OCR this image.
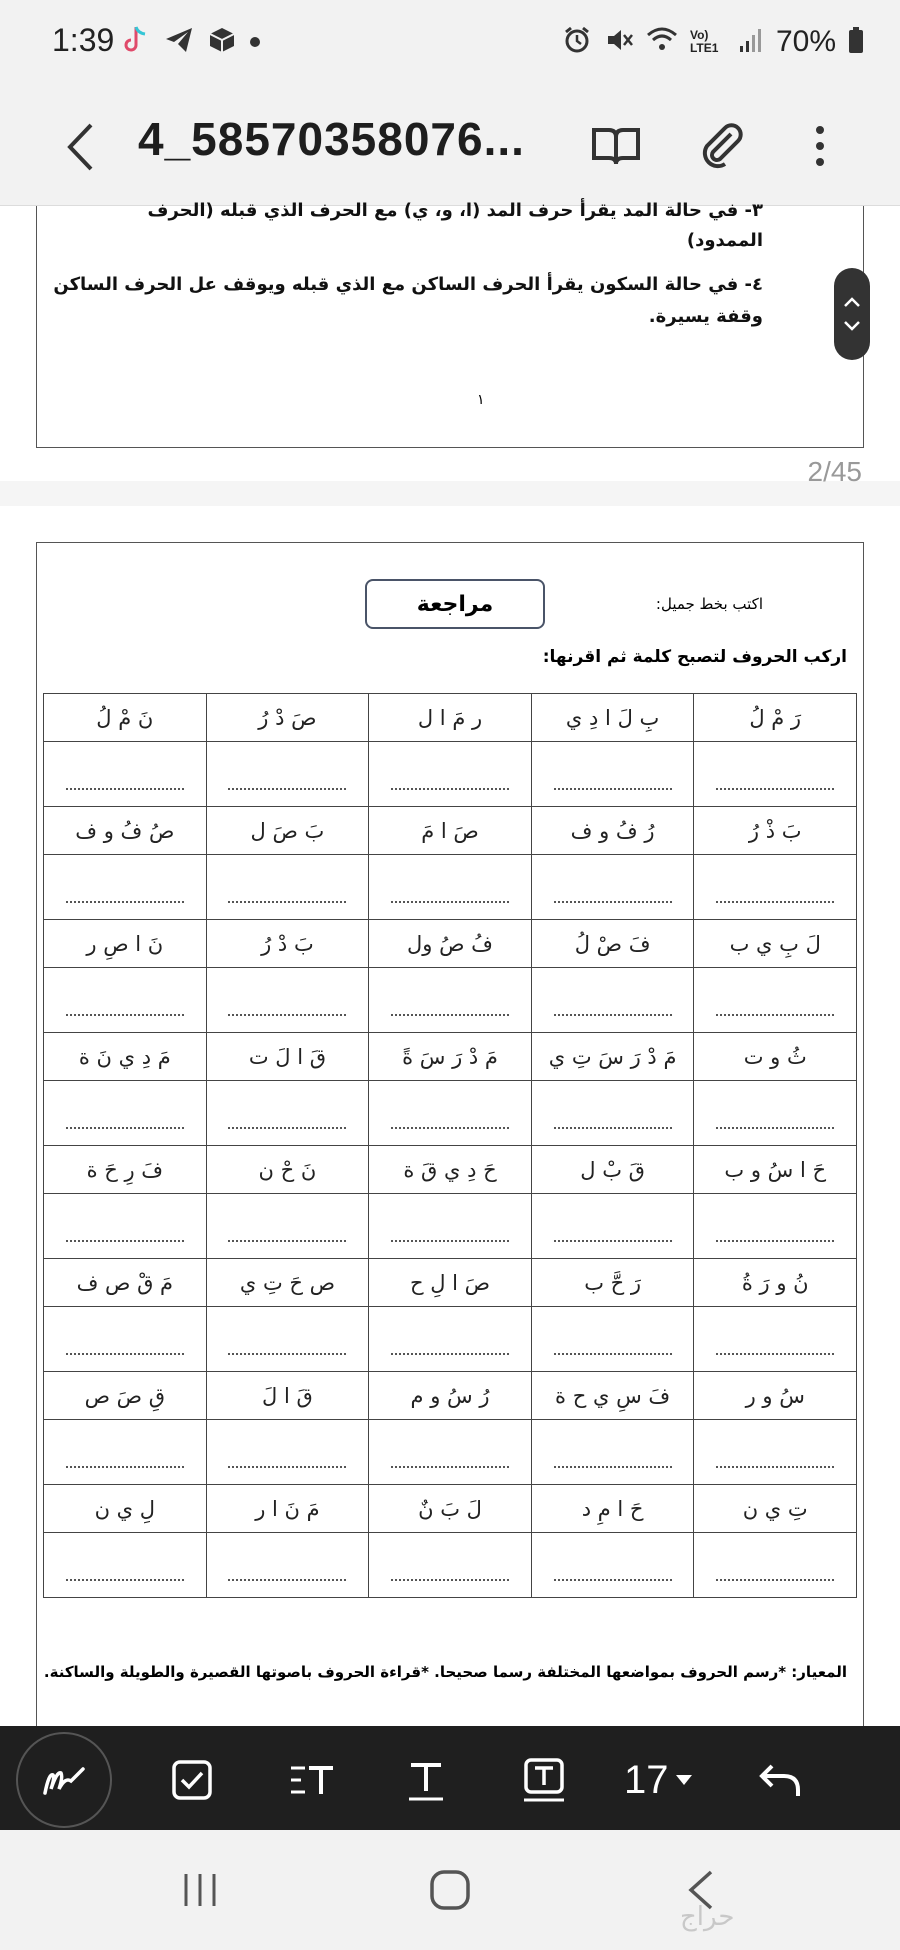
1:39	Vo) LTE1 70%
4_58570358076...
٣- في حالة المد يقرأ حرف المد (ا، و، ي) مع الحرف الذي قبله (الحرف
الممدود)
٤- في حالة السكون يقرأ الحرف الساكن مع الذي قبله ويوقف عل الحرف الساكن
وقفة يسيرة.
١
2/45
مراجعة	اكتب بخط جميل:
اركب الحروف لتصبح كلمة ثم اقرنها:
رَ مْ لُ	بِ لَ ا دِ ي	ر مَ ا ل	صَ دْ رُ	نَ مْ لُ

بَ ذْ رُ	رُ فُ و ف	صَ ا مَ	بَ صَ ل	صُ فُ و ف

لَ بِ ي ب	فَ صْ لُ	فُ صُ ول	بَ دْ رُ	نَ ا صِ ر

ثُ و ت	مَ دْ رَ سَ تِ ي	مَ دْ رَ سَ ةً	قَ ا لَ ت	مَ دِ ي نَ ة

حَ ا سُ و ب	قَ بْ ل	حَ دِ ي قَ ة	نَ حْ ن	فَ رِ حَ ة

نُ و رَ ةُ	رَ حَّ ب	صَ ا لِ ح	ص حَ تِ ي	مَ قْ ص ف

سُ و ر	فَ سِ ي ح ة	رُ سُ و م	قَ ا لَ	قِ صَ ص

تِ ي ن	حَ ا مِ د	لَ بَ نٌ	مَ نَ ا ر	لِ ي ن

المعيار: *رسم الحروف بمواضعها المختلفة رسما صحيحا. *قراءة الحروف باصوتها القصيرة والطويلة والساكنة.
17
حراج
